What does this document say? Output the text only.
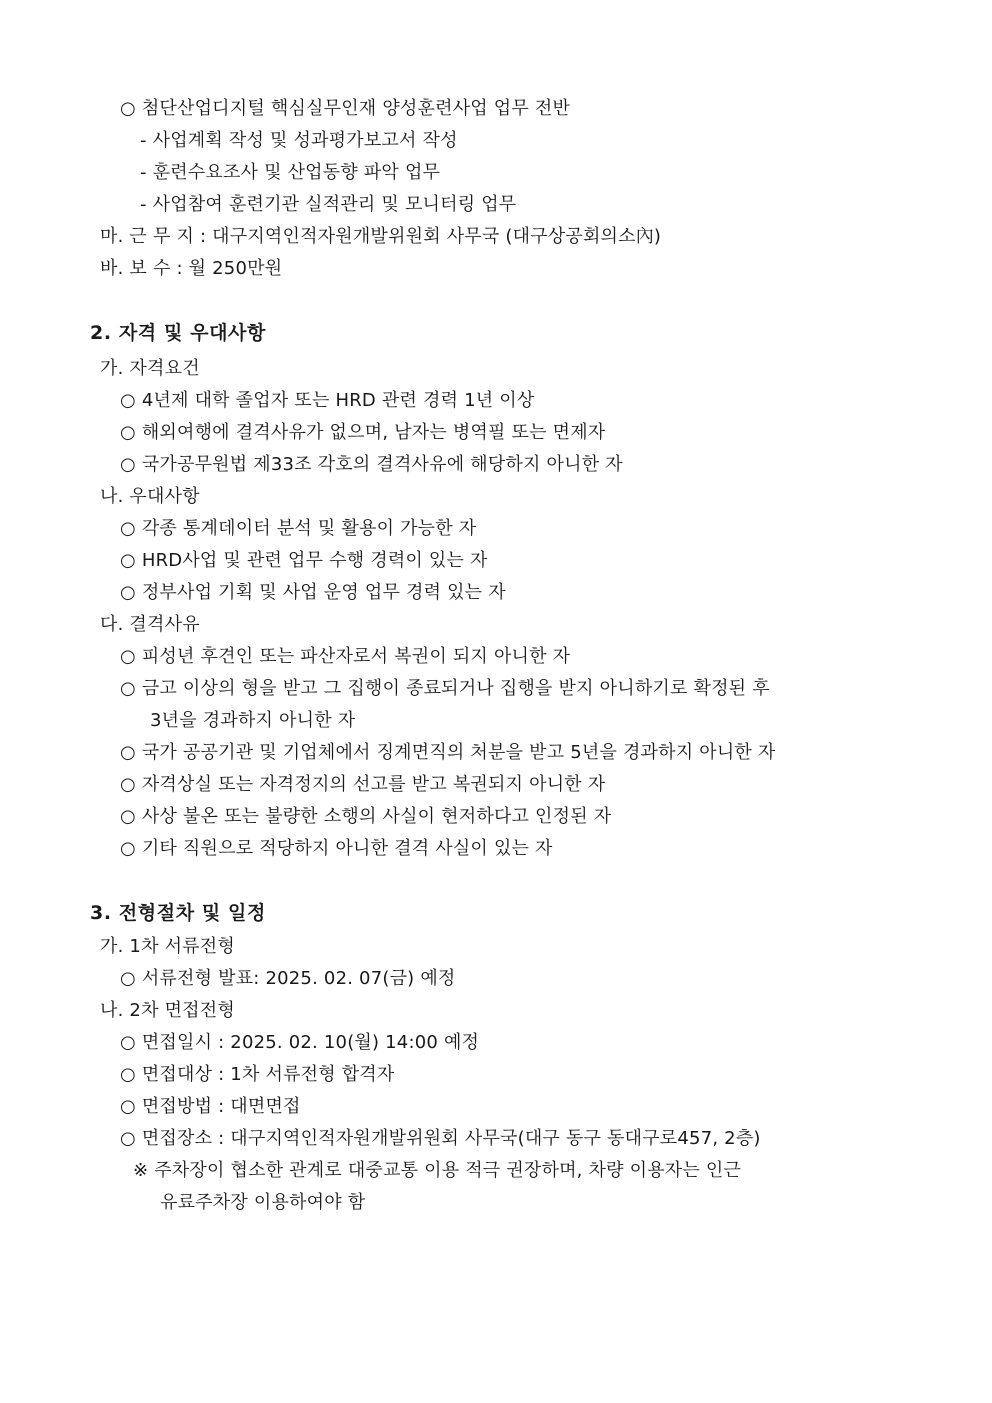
○ 첨단산업디지털 핵심실무인재 양성훈련사업 업무 전반
- 사업계획 작성 및 성과평가보고서 작성
- 훈련수요조사 및 산업동향 파악 업무
- 사업참여 훈련기관 실적관리 및 모니터링 업무
마. 근 무 지 : 대구지역인적자원개발위원회 사무국 (대구상공회의소內)
바. 보 수 : 월 250만원
2. 자격 및 우대사항
가. 자격요건
○ 4년제 대학 졸업자 또는 HRD 관련 경력 1년 이상
○ 해외여행에 결격사유가 없으며, 남자는 병역필 또는 면제자
○ 국가공무원법 제33조 각호의 결격사유에 해당하지 아니한 자
나. 우대사항
○ 각종 통계데이터 분석 및 활용이 가능한 자
○ HRD사업 및 관련 업무 수행 경력이 있는 자
○ 정부사업 기획 및 사업 운영 업무 경력 있는 자
다. 결격사유
○ 피성년 후견인 또는 파산자로서 복권이 되지 아니한 자
○ 금고 이상의 형을 받고 그 집행이 종료되거나 집행을 받지 아니하기로 확정된 후
3년을 경과하지 아니한 자
○ 국가 공공기관 및 기업체에서 징계면직의 처분을 받고 5년을 경과하지 아니한 자
○ 자격상실 또는 자격정지의 선고를 받고 복권되지 아니한 자
○ 사상 불온 또는 불량한 소행의 사실이 현저하다고 인정된 자
○ 기타 직원으로 적당하지 아니한 결격 사실이 있는 자
3. 전형절차 및 일정
가. 1차 서류전형
○ 서류전형 발표: 2025. 02. 07(금) 예정
나. 2차 면접전형
○ 면접일시 : 2025. 02. 10(월) 14:00 예정
○ 면접대상 : 1차 서류전형 합격자
○ 면접방법 : 대면면접
○ 면접장소 : 대구지역인적자원개발위원회 사무국(대구 동구 동대구로457, 2층)
※ 주차장이 협소한 관계로 대중교통 이용 적극 권장하며, 차량 이용자는 인근
유료주차장 이용하여야 함
